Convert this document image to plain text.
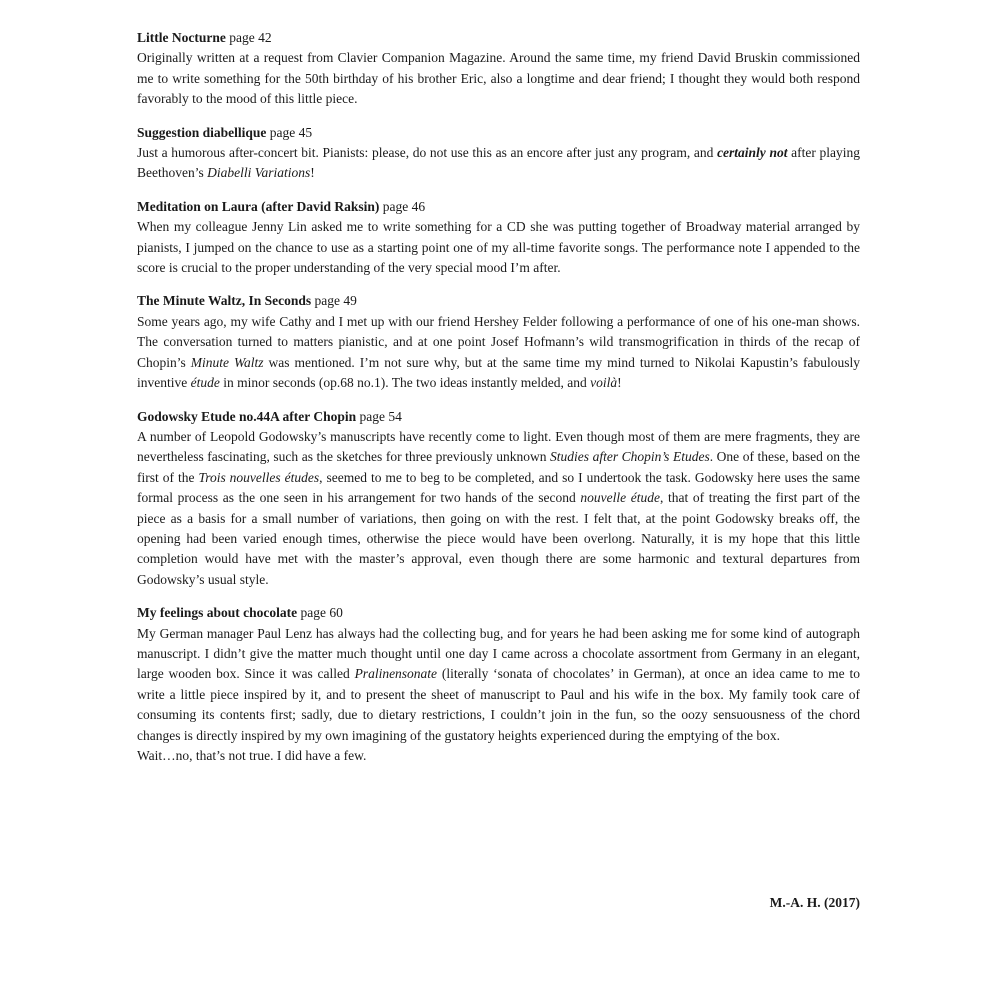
Little Nocturne page 42

Originally written at a request from Clavier Companion Magazine. Around the same time, my friend David Bruskin commissioned me to write something for the 50th birthday of his brother Eric, also a longtime and dear friend; I thought they would both respond favorably to the mood of this little piece.

Suggestion diabellique page 45

Just a humorous after-concert bit. Pianists: please, do not use this as an encore after just any program, and certainly not after playing Beethoven’s Diabelli Variations!

Meditation on Laura (after David Raksin) page 46

When my colleague Jenny Lin asked me to write something for a CD she was putting together of Broadway material arranged by pianists, I jumped on the chance to use as a starting point one of my all-time favorite songs. The performance note I appended to the score is crucial to the proper understanding of the very special mood I’m after.

The Minute Waltz, In Seconds page 49

Some years ago, my wife Cathy and I met up with our friend Hershey Felder following a performance of one of his one-man shows. The conversation turned to matters pianistic, and at one point Josef Hofmann’s wild transmogrification in thirds of the recap of Chopin’s Minute Waltz was mentioned. I’m not sure why, but at the same time my mind turned to Nikolai Kapustin’s fabulously inventive étude in minor seconds (op.68 no.1). The two ideas instantly melded, and voilà!

Godowsky Etude no.44A after Chopin page 54

A number of Leopold Godowsky’s manuscripts have recently come to light. Even though most of them are mere fragments, they are nevertheless fascinating, such as the sketches for three previously unknown Studies after Chopin’s Etudes. One of these, based on the first of the Trois nouvelles études, seemed to me to beg to be completed, and so I undertook the task. Godowsky here uses the same formal process as the one seen in his arrangement for two hands of the second nouvelle étude, that of treating the first part of the piece as a basis for a small number of variations, then going on with the rest. I felt that, at the point Godowsky breaks off, the opening had been varied enough times, otherwise the piece would have been overlong. Naturally, it is my hope that this little completion would have met with the master’s approval, even though there are some harmonic and textural departures from Godowsky’s usual style.

My feelings about chocolate page 60

My German manager Paul Lenz has always had the collecting bug, and for years he had been asking me for some kind of autograph manuscript. I didn’t give the matter much thought until one day I came across a chocolate assortment from Germany in an elegant, large wooden box. Since it was called Pralinensonate (literally ‘sonata of chocolates’ in German), at once an idea came to me to write a little piece inspired by it, and to present the sheet of manuscript to Paul and his wife in the box. My family took care of consuming its contents first; sadly, due to dietary restrictions, I couldn’t join in the fun, so the oozy sensuousness of the chord changes is directly inspired by my own imagining of the gustatory heights experienced during the emptying of the box.

Wait…no, that’s not true. I did have a few.

M.-A. H. (2017)
